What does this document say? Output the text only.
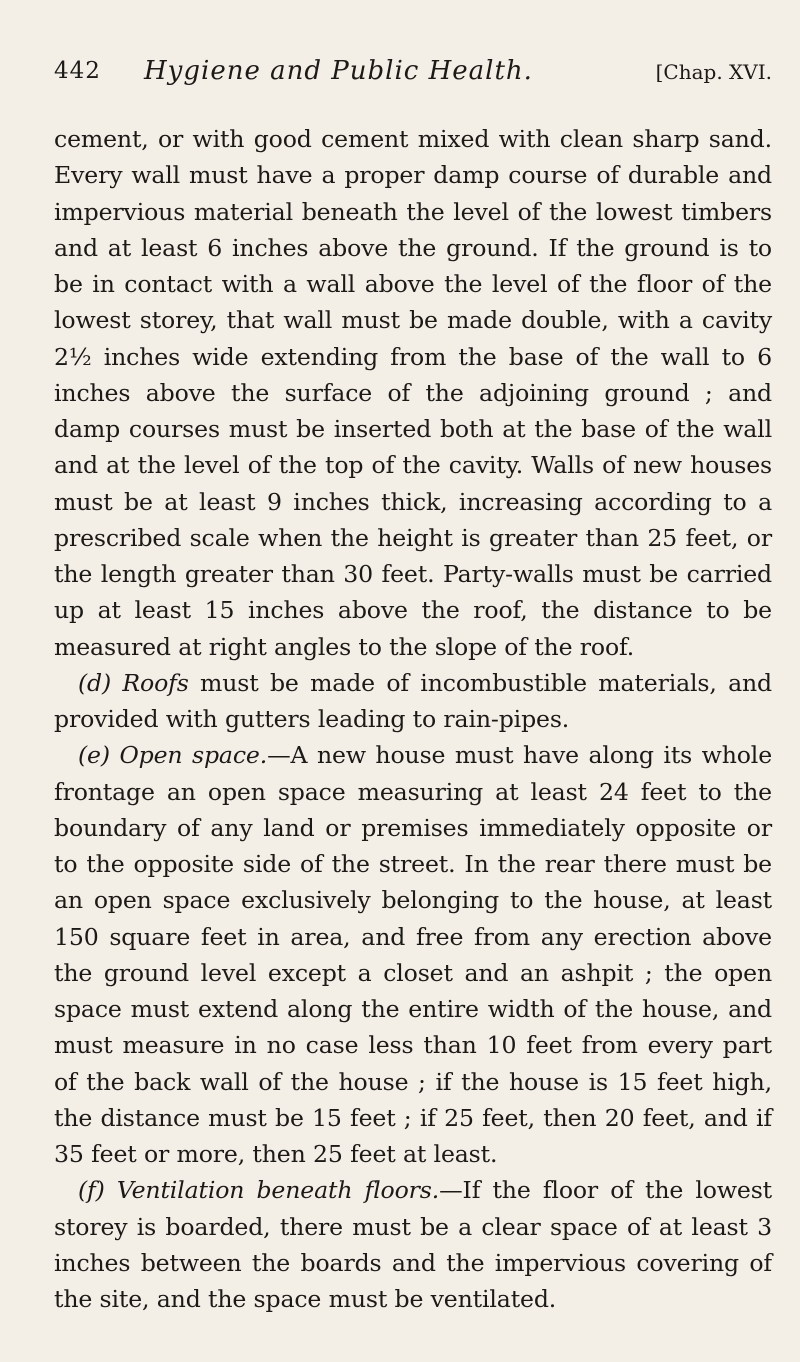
442 Hygiene and Public Health.	[Chap. XVI.

cement, or with good cement mixed with clean sharp sand. Every wall must have a proper damp course of durable and impervious material beneath the level of the lowest timbers and at least 6 inches above the ground. If the ground is to be in contact with a wall above the level of the floor of the lowest storey, that wall must be made double, with a cavity 2½ inches wide extending from the base of the wall to 6 inches above the surface of the adjoining ground ; and damp courses must be inserted both at the base of the wall and at the level of the top of the cavity. Walls of new houses must be at least 9 inches thick, increasing according to a prescribed scale when the height is greater than 25 feet, or the length greater than 30 feet. Party-walls must be carried up at least 15 inches above the roof, the distance to be measured at right angles to the slope of the roof.

(d) Roofs must be made of incombustible materials, and provided with gutters leading to rain-pipes.

(e) Open space.—A new house must have along its whole frontage an open space measuring at least 24 feet to the boundary of any land or premises immediately opposite or to the opposite side of the street. In the rear there must be an open space exclusively belonging to the house, at least 150 square feet in area, and free from any erection above the ground level except a closet and an ashpit ; the open space must extend along the entire width of the house, and must measure in no case less than 10 feet from every part of the back wall of the house ; if the house is 15 feet high, the distance must be 15 feet ; if 25 feet, then 20 feet, and if 35 feet or more, then 25 feet at least.

(f) Ventilation beneath floors.—If the floor of the lowest storey is boarded, there must be a clear space of at least 3 inches between the boards and the impervious covering of the site, and the space must be ventilated.
